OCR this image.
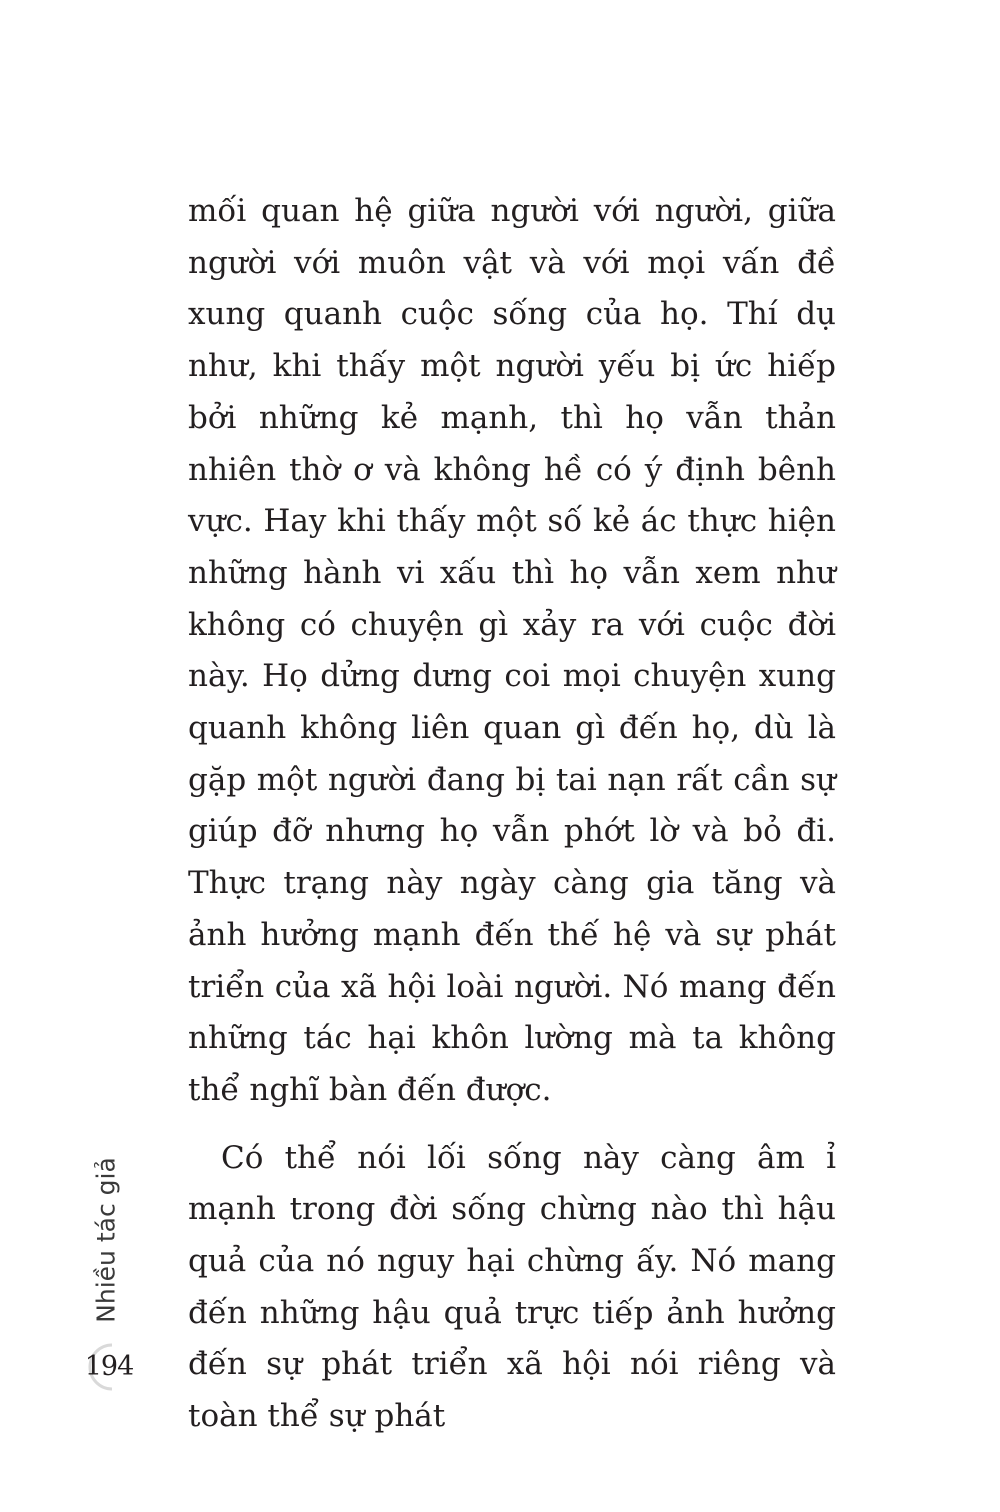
mối quan hệ giữa người với người, giữa người với muôn vật và với mọi vấn đề xung quanh cuộc sống của họ. Thí dụ như, khi thấy một người yếu bị ức hiếp bởi những kẻ mạnh, thì họ vẫn thản nhiên thờ ơ và không hề có ý định bênh vực. Hay khi thấy một số kẻ ác thực hiện những hành vi xấu thì họ vẫn xem như không có chuyện gì xảy ra với cuộc đời này. Họ dửng dưng coi mọi chuyện xung quanh không liên quan gì đến họ, dù là gặp một người đang bị tai nạn rất cần sự giúp đỡ nhưng họ vẫn phớt lờ và bỏ đi. Thực trạng này ngày càng gia tăng và ảnh hưởng mạnh đến thế hệ và sự phát triển của xã hội loài người. Nó mang đến những tác hại khôn lường mà ta không thể nghĩ bàn đến được.

Có thể nói lối sống này càng âm ỉ mạnh trong đời sống chừng nào thì hậu quả của nó nguy hại chừng ấy. Nó mang đến những hậu quả trực tiếp ảnh hưởng đến sự phát triển xã hội nói riêng và toàn thể sự phát

Nhiều tác giả
194
